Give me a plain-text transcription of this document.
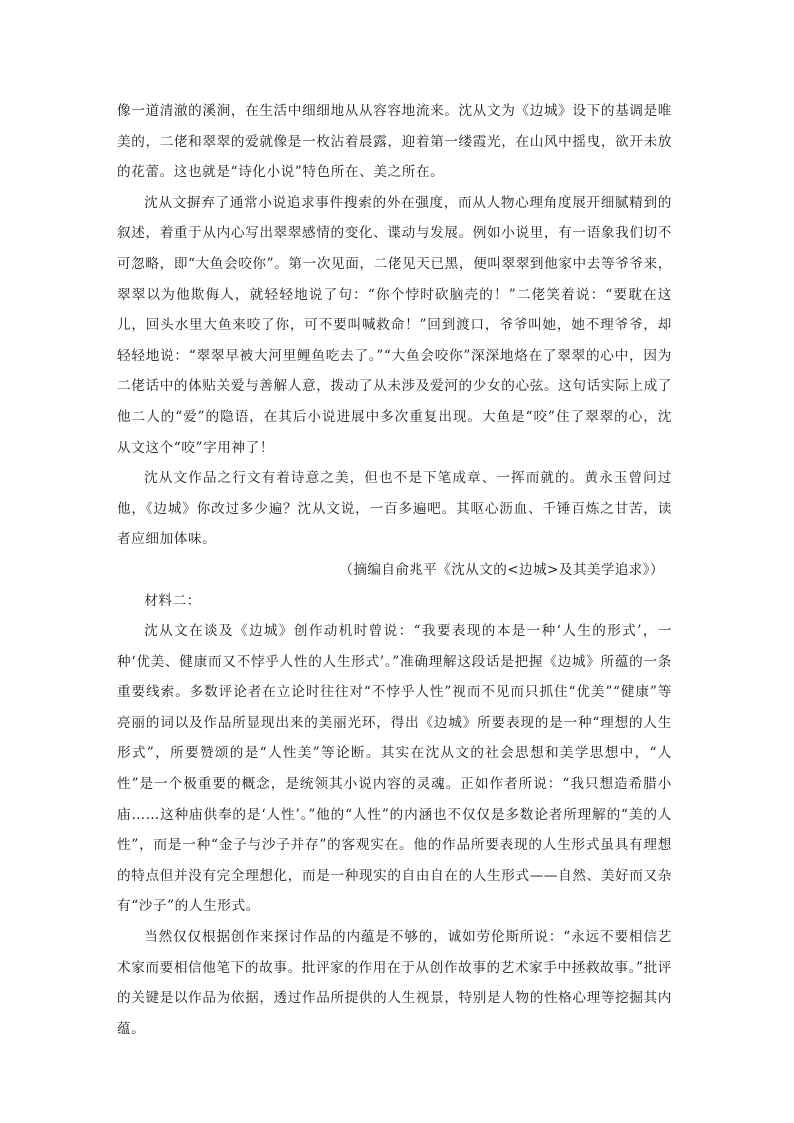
像一道清澈的溪涧，在生活中细细地从从容容地流来。沈从文为《边城》设下的基调是唯美的，二佬和翠翠的爱就像是一枚沾着晨露，迎着第一缕霞光，在山风中摇曳，欲开未放的花蕾。这也就是“诗化小说”特色所在、美之所在。

沈从文摒弃了通常小说追求事件搜索的外在强度，而从人物心理角度展开细腻精到的叙述，着重于从内心写出翠翠感情的变化、谍动与发展。例如小说里，有一语象我们切不可忽略，即“大鱼会咬你”。第一次见面，二佬见天已黑，便叫翠翠到他家中去等爷爷来，翠翠以为他欺侮人，就轻轻地说了句：“你个悖时砍脑壳的！”二佬笑着说：“要耽在这儿，回头水里大鱼来咬了你，可不要叫喊救命！”回到渡口，爷爷叫她，她不理爷爷，却轻轻地说：“翠翠早被大河里鲤鱼吃去了。”“大鱼会咬你”深深地烙在了翠翠的心中，因为二佬话中的体贴关爱与善解人意，拨动了从未涉及爱河的少女的心弦。这句话实际上成了他二人的“爱”的隐语，在其后小说进展中多次重复出现。大鱼是“咬”住了翠翠的心，沈从文这个“咬”字用神了！

沈从文作品之行文有着诗意之美，但也不是下笔成章、一挥而就的。黄永玉曾问过他，《边城》你改过多少遍？沈从文说，一百多遍吧。其呕心沥血、千锤百炼之甘苦，读者应细加体味。

（摘编自俞兆平《沈从文的<边城>及其美学追求》）

材料二：

沈从文在谈及《边城》创作动机时曾说：“我要表现的本是一种‘人生的形式’，一种‘优美、健康而又不悖乎人性的人生形式’。”准确理解这段话是把握《边城》所蕴的一条重要线索。多数评论者在立论时往往对“不悖乎人性”视而不见而只抓住“优美”“健康”等亮丽的词以及作品所显现出来的美丽光环，得出《边城》所要表现的是一种“理想的人生形式”，所要赞颂的是“人性美”等论断。其实在沈从文的社会思想和美学思想中，“人性”是一个极重要的概念，是统领其小说内容的灵魂。正如作者所说：“我只想造希腊小庙……这种庙供奉的是‘人性’。”他的“人性”的内涵也不仅仅是多数论者所理解的“美的人性”，而是一种“金子与沙子并存”的客观实在。他的作品所要表现的人生形式虽具有理想的特点但并没有完全理想化，而是一种现实的自由自在的人生形式——自然、美好而又杂有“沙子”的人生形式。

当然仅仅根据创作来探讨作品的内蕴是不够的，诚如劳伦斯所说：“永远不要相信艺术家而要相信他笔下的故事。批评家的作用在于从创作故事的艺术家手中拯救故事。”批评的关键是以作品为依据，透过作品所提供的人生视景，特别是人物的性格心理等挖掘其内蕴。
